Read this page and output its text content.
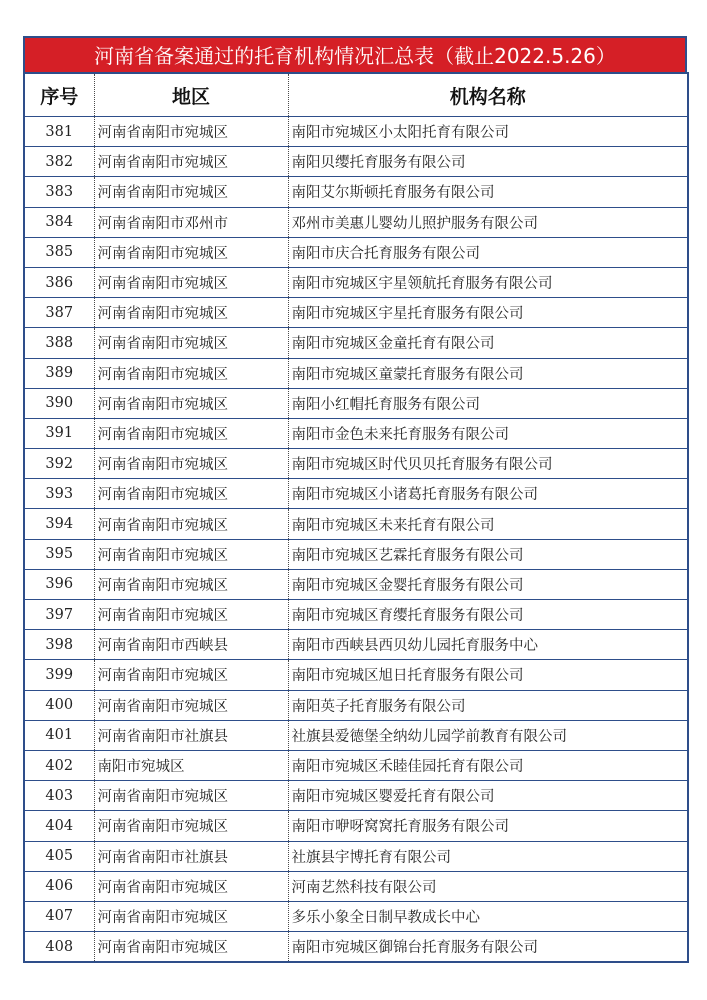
河南省备案通过的托育机构情况汇总表（截止2022.5.26）
序号	地区	机构名称
381	河南省南阳市宛城区	南阳市宛城区小太阳托育有限公司
382	河南省南阳市宛城区	南阳贝缨托育服务有限公司
383	河南省南阳市宛城区	南阳艾尔斯顿托育服务有限公司
384	河南省南阳市邓州市	邓州市美惠儿婴幼儿照护服务有限公司
385	河南省南阳市宛城区	南阳市庆合托育服务有限公司
386	河南省南阳市宛城区	南阳市宛城区宇星领航托育服务有限公司
387	河南省南阳市宛城区	南阳市宛城区宇星托育服务有限公司
388	河南省南阳市宛城区	南阳市宛城区金童托育有限公司
389	河南省南阳市宛城区	南阳市宛城区童蒙托育服务有限公司
390	河南省南阳市宛城区	南阳小红帽托育服务有限公司
391	河南省南阳市宛城区	南阳市金色未来托育服务有限公司
392	河南省南阳市宛城区	南阳市宛城区时代贝贝托育服务有限公司
393	河南省南阳市宛城区	南阳市宛城区小诸葛托育服务有限公司
394	河南省南阳市宛城区	南阳市宛城区未来托育有限公司
395	河南省南阳市宛城区	南阳市宛城区艺霖托育服务有限公司
396	河南省南阳市宛城区	南阳市宛城区金婴托育服务有限公司
397	河南省南阳市宛城区	南阳市宛城区育缨托育服务有限公司
398	河南省南阳市西峡县	南阳市西峡县西贝幼儿园托育服务中心
399	河南省南阳市宛城区	南阳市宛城区旭日托育服务有限公司
400	河南省南阳市宛城区	南阳英子托育服务有限公司
401	河南省南阳市社旗县	社旗县爱德堡全纳幼儿园学前教育有限公司
402	南阳市宛城区	南阳市宛城区禾睦佳园托育有限公司
403	河南省南阳市宛城区	南阳市宛城区婴爱托育有限公司
404	河南省南阳市宛城区	南阳市咿呀窝窝托育服务有限公司
405	河南省南阳市社旗县	社旗县宇博托育有限公司
406	河南省南阳市宛城区	河南艺然科技有限公司
407	河南省南阳市宛城区	多乐小象全日制早教成长中心
408	河南省南阳市宛城区	南阳市宛城区御锦台托育服务有限公司
